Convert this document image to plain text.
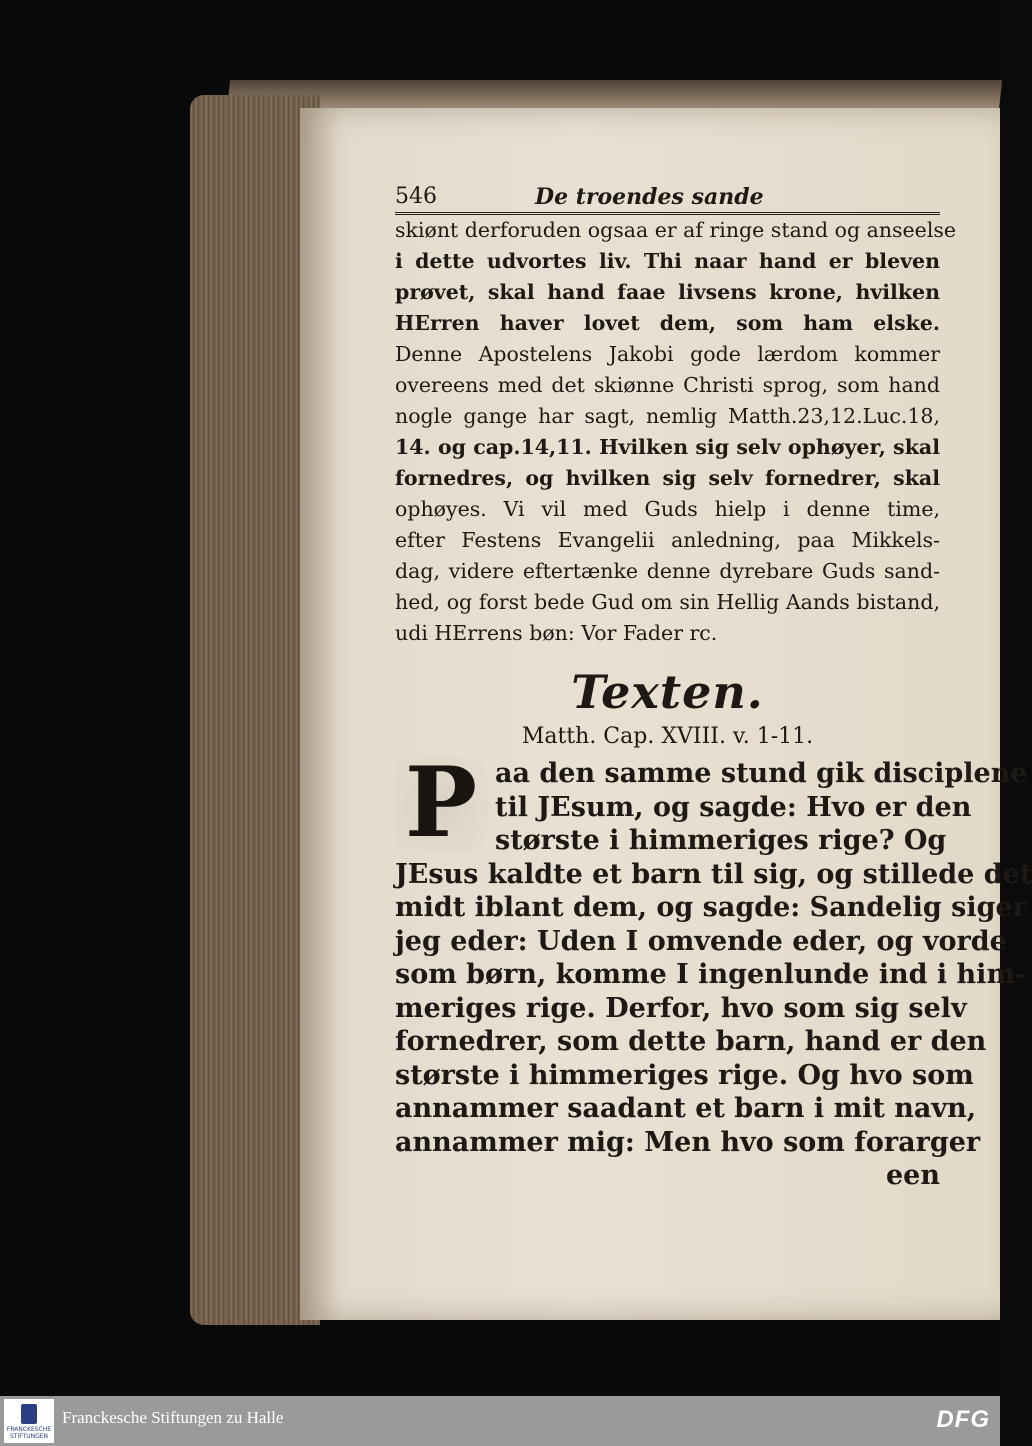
546	De troendes sande
skiønt derforuden ogsaa er af ringe stand og anseelse
i dette udvortes liv. Thi naar hand er bleven
prøvet, skal hand faae livsens krone, hvilken
HErren haver lovet dem, som ham elske.
Denne Apostelens Jakobi gode lærdom kommer
overeens med det skiønne Christi sprog, som hand
nogle gange har sagt, nemlig Matth.23,12.Luc.18,
14. og cap.14,11. Hvilken sig selv ophøyer, skal
fornedres, og hvilken sig selv fornedrer, skal
ophøyes. Vi vil med Guds hielp i denne time,
efter Festens Evangelii anledning, paa Mikkels-
dag, videre eftertænke denne dyrebare Guds sand-
hed, og forst bede Gud om sin Hellig Aands bistand,
udi HErrens bøn: Vor Fader rc.
Texten.
Matth. Cap. XVIII. v. 1-11.
P aa den samme stund gik disciplene
til JEsum, og sagde: Hvo er den
største i himmeriges rige? Og
JEsus kaldte et barn til sig, og stillede det
midt iblant dem, og sagde: Sandelig siger
jeg eder: Uden I omvende eder, og vorde
som børn, komme I ingenlunde ind i him-
meriges rige. Derfor, hvo som sig selv
fornedrer, som dette barn, hand er den
største i himmeriges rige. Og hvo som
annammer saadant et barn i mit navn,
annammer mig: Men hvo som forarger
een
FRANCKESCHE STIFTUNGEN
Franckesche Stiftungen zu Halle	DFG
